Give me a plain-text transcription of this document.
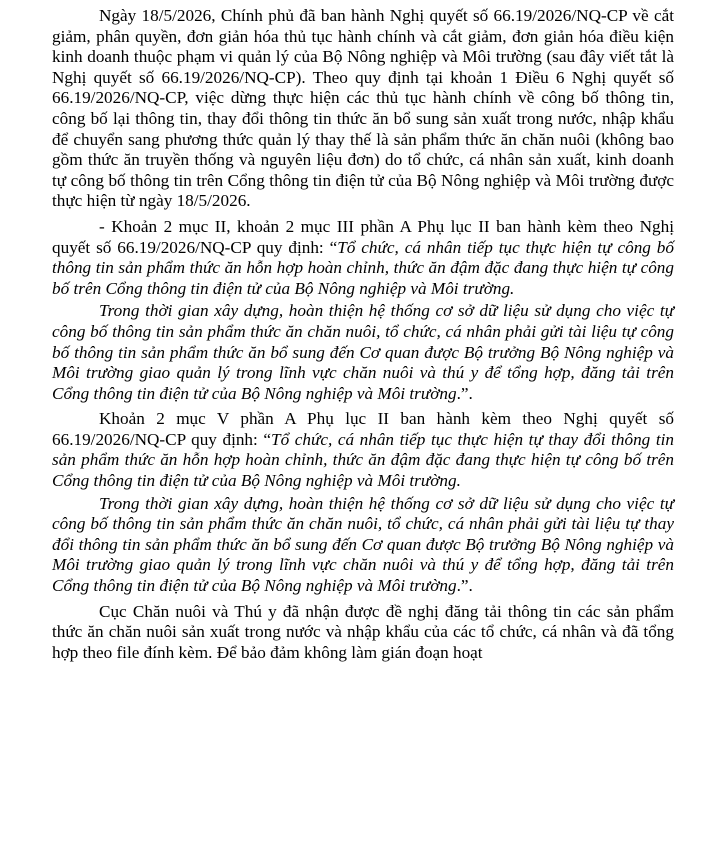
Ngày 18/5/2026, Chính phủ đã ban hành Nghị quyết số 66.19/2026/NQ-CP về cắt giảm, phân quyền, đơn giản hóa thủ tục hành chính và cắt giảm, đơn giản hóa điều kiện kinh doanh thuộc phạm vi quản lý của Bộ Nông nghiệp và Môi trường (sau đây viết tắt là Nghị quyết số 66.19/2026/NQ-CP). Theo quy định tại khoản 1 Điều 6 Nghị quyết số 66.19/2026/NQ-CP, việc dừng thực hiện các thủ tục hành chính về công bố thông tin, công bố lại thông tin, thay đổi thông tin thức ăn bổ sung sản xuất trong nước, nhập khẩu để chuyển sang phương thức quản lý thay thế là sản phẩm thức ăn chăn nuôi (không bao gồm thức ăn truyền thống và nguyên liệu đơn) do tổ chức, cá nhân sản xuất, kinh doanh tự công bố thông tin trên Cổng thông tin điện tử của Bộ Nông nghiệp và Môi trường được thực hiện từ ngày 18/5/2026.

- Khoản 2 mục II, khoản 2 mục III phần A Phụ lục II ban hành kèm theo Nghị quyết số 66.19/2026/NQ-CP quy định: “Tổ chức, cá nhân tiếp tục thực hiện tự công bố thông tin sản phẩm thức ăn hỗn hợp hoàn chỉnh, thức ăn đậm đặc đang thực hiện tự công bố trên Cổng thông tin điện tử của Bộ Nông nghiệp và Môi trường.

Trong thời gian xây dựng, hoàn thiện hệ thống cơ sở dữ liệu sử dụng cho việc tự công bố thông tin sản phẩm thức ăn chăn nuôi, tổ chức, cá nhân phải gửi tài liệu tự công bố thông tin sản phẩm thức ăn bổ sung đến Cơ quan được Bộ trưởng Bộ Nông nghiệp và Môi trường giao quản lý trong lĩnh vực chăn nuôi và thú y để tổng hợp, đăng tải trên Cổng thông tin điện tử của Bộ Nông nghiệp và Môi trường.”.

Khoản 2 mục V phần A Phụ lục II ban hành kèm theo Nghị quyết số 66.19/2026/NQ-CP quy định: “Tổ chức, cá nhân tiếp tục thực hiện tự thay đổi thông tin sản phẩm thức ăn hỗn hợp hoàn chỉnh, thức ăn đậm đặc đang thực hiện tự công bố trên Cổng thông tin điện tử của Bộ Nông nghiệp và Môi trường.

Trong thời gian xây dựng, hoàn thiện hệ thống cơ sở dữ liệu sử dụng cho việc tự công bố thông tin sản phẩm thức ăn chăn nuôi, tổ chức, cá nhân phải gửi tài liệu tự thay đổi thông tin sản phẩm thức ăn bổ sung đến Cơ quan được Bộ trưởng Bộ Nông nghiệp và Môi trường giao quản lý trong lĩnh vực chăn nuôi và thú y để tổng hợp, đăng tải trên Cổng thông tin điện tử của Bộ Nông nghiệp và Môi trường.”.

Cục Chăn nuôi và Thú y đã nhận được đề nghị đăng tải thông tin các sản phẩm thức ăn chăn nuôi sản xuất trong nước và nhập khẩu của các tổ chức, cá nhân và đã tổng hợp theo file đính kèm. Để bảo đảm không làm gián đoạn hoạt
